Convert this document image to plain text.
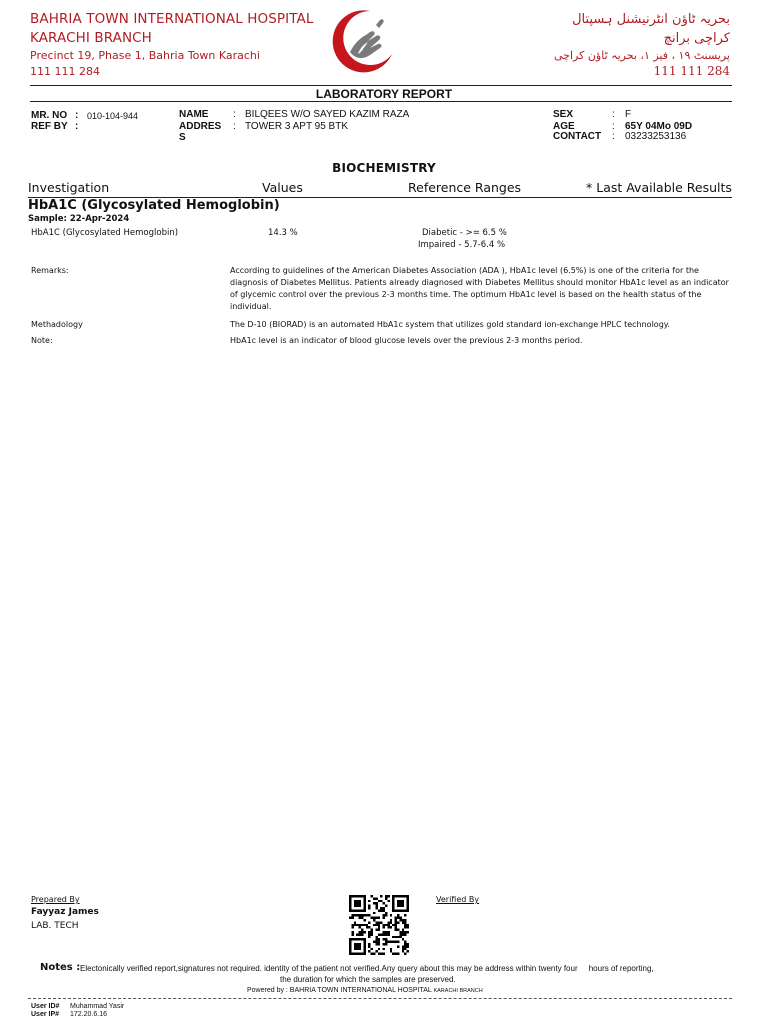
BAHRIA TOWN INTERNATIONAL HOSPITAL
KARACHI BRANCH
Precinct 19, Phase 1, Bahria Town Karachi
111 111 284
بحریہ ٹاؤن انٹرنیشنل ہسپتال
کراچی برانچ
پریسنٹ ۱۹ ، فیز ۱، بحریہ ٹاؤن کراچی
111 111 284
LABORATORY REPORT
MR. NO : 010-104-944
REF BY :
NAME : BILQEES W/O SAYED KAZIM RAZA
ADDRES
S
: TOWER 3 APT 95 BTK
SEX	: F
AGE	: 65Y 04Mo 09D
CONTACT : 03233253136
BIOCHEMISTRY
Investigation	Values	Reference Ranges	* Last Available Results
HbA1C (Glycosylated Hemoglobin)
Sample: 22-Apr-2024
HbA1C (Glycosylated Hemoglobin)	14.3 %	Diabetic - >= 6.5 %
Impaired - 5.7-6.4 %
Remarks:	According to guidelines of the American Diabetes Association (ADA ), HbA1c level (6.5%) is one of the criteria for the diagnosis of Diabetes Mellitus. Patients already diagnosed with Diabetes Mellitus should monitor HbA1c level as an indicator of glycemic control over the previous 2-3 months time. The optimum HbA1c level is based on the health status of the individual.
Methadology	The D-10 (BIORAD) is an automated HbA1c system that utilizes gold standard ion-exchange HPLC technology.
Note:	HbA1c level is an indicator of blood glucose levels over the previous 2-3 months period.
Prepared By
Fayyaz James
LAB. TECH
Verified By
Notes : Electonically verified report,signatures not required. identity of the patient not verified.Any query about this may be address within twenty four     hours of reporting,
the duration for which the samples are preserved.
Powered by : BAHRIA TOWN INTERNATIONAL HOSPITAL KARACHI BRANCH
User ID# Muhammad Yasir
User IP# 172.20.6.16
